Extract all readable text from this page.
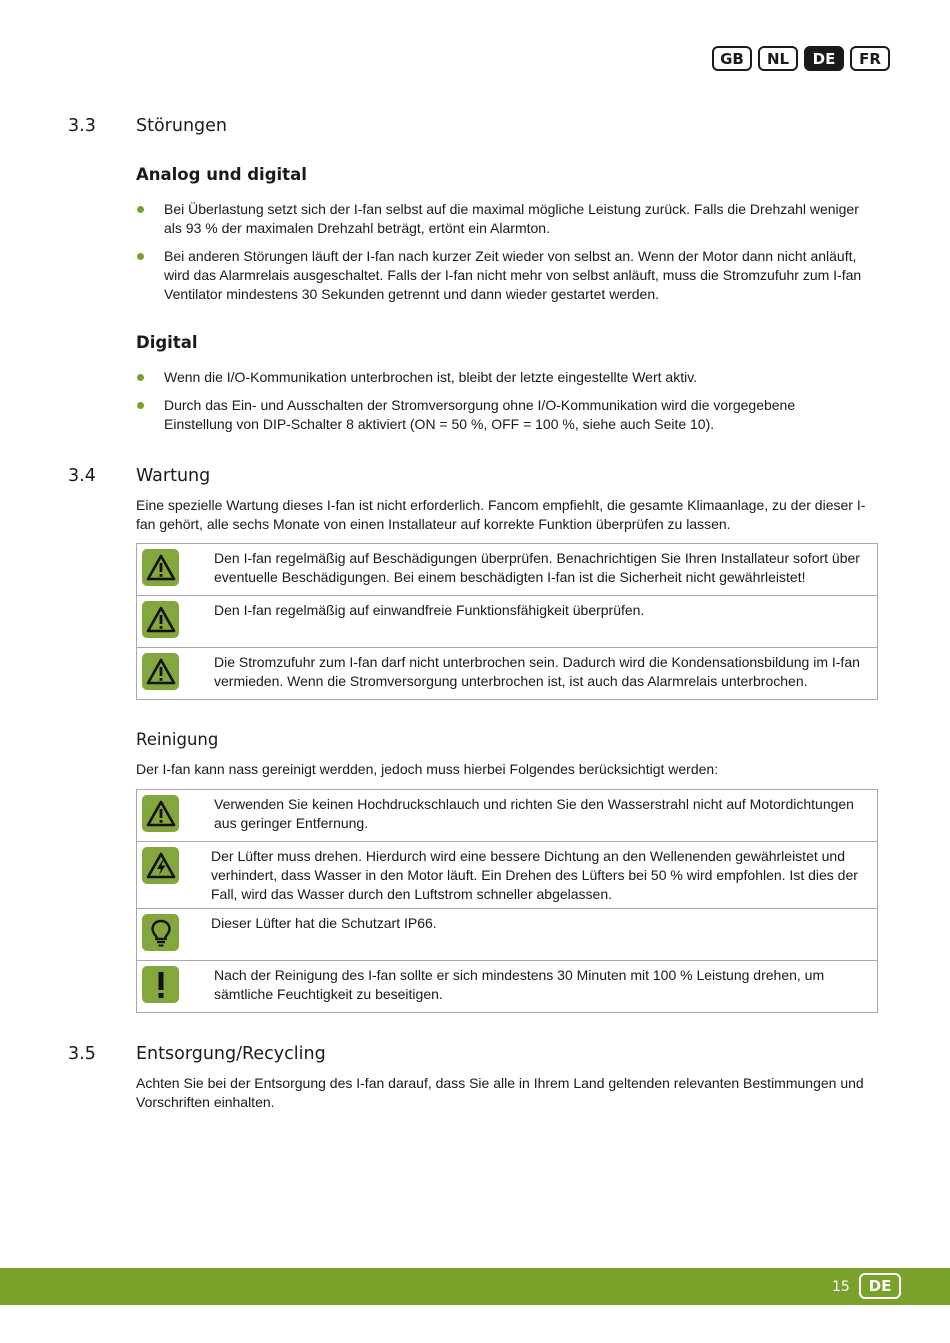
GB	NL	DE	FR
3.3 Störungen
Analog und digital
Bei Überlastung setzt sich der I-fan selbst auf die maximal mögliche Leistung zurück. Falls die Drehzahl weniger als 93 % der maximalen Drehzahl beträgt, ertönt ein Alarmton.
Bei anderen Störungen läuft der I-fan nach kurzer Zeit wieder von selbst an. Wenn der Motor dann nicht anläuft, wird das Alarmrelais ausgeschaltet. Falls der I-fan nicht mehr von selbst anläuft, muss die Stromzufuhr zum I-fan Ventilator mindestens 30 Sekunden getrennt und dann wieder gestartet werden.
Digital
Wenn die I/O-Kommunikation unterbrochen ist, bleibt der letzte eingestellte Wert aktiv.
Durch das Ein- und Ausschalten der Stromversorgung ohne I/O-Kommunikation wird die vorgegebene Einstellung von DIP-Schalter 8 aktiviert (ON = 50 %, OFF = 100 %, siehe auch Seite 10).
3.4 Wartung
Eine spezielle Wartung dieses I-fan ist nicht erforderlich. Fancom empfiehlt, die gesamte Klimaanlage, zu der dieser I-fan gehört, alle sechs Monate von einen Installateur auf korrekte Funktion überprüfen zu lassen.
Den I-fan regelmäßig auf Beschädigungen überprüfen. Benachrichtigen Sie Ihren Installateur sofort über eventuelle Beschädigungen. Bei einem beschädigten I-fan ist die Sicherheit nicht gewährleistet!
Den I-fan regelmäßig auf einwandfreie Funktionsfähigkeit überprüfen.
Die Stromzufuhr zum I-fan darf nicht unterbrochen sein. Dadurch wird die Kondensationsbildung im I-fan vermieden. Wenn die Stromversorgung unterbrochen ist, ist auch das Alarmrelais unterbrochen.
Reinigung
Der I-fan kann nass gereinigt werdden, jedoch muss hierbei Folgendes berücksichtigt werden:
Verwenden Sie keinen Hochdruckschlauch und richten Sie den Wasserstrahl nicht auf Motordichtungen aus geringer Entfernung.
Der Lüfter muss drehen. Hierdurch wird eine bessere Dichtung an den Wellenenden gewährleistet und verhindert, dass Wasser in den Motor läuft. Ein Drehen des Lüfters bei 50 % wird empfohlen. Ist dies der Fall, wird das Wasser durch den Luftstrom schneller abgelassen.
Dieser Lüfter hat die Schutzart IP66.
Nach der Reinigung des I-fan sollte er sich mindestens 30 Minuten mit 100 % Leistung drehen, um sämtliche Feuchtigkeit zu beseitigen.
3.5 Entsorgung/Recycling
Achten Sie bei der Entsorgung des I-fan darauf, dass Sie alle in Ihrem Land geltenden relevanten Bestimmungen und Vorschriften einhalten.
15	DE
